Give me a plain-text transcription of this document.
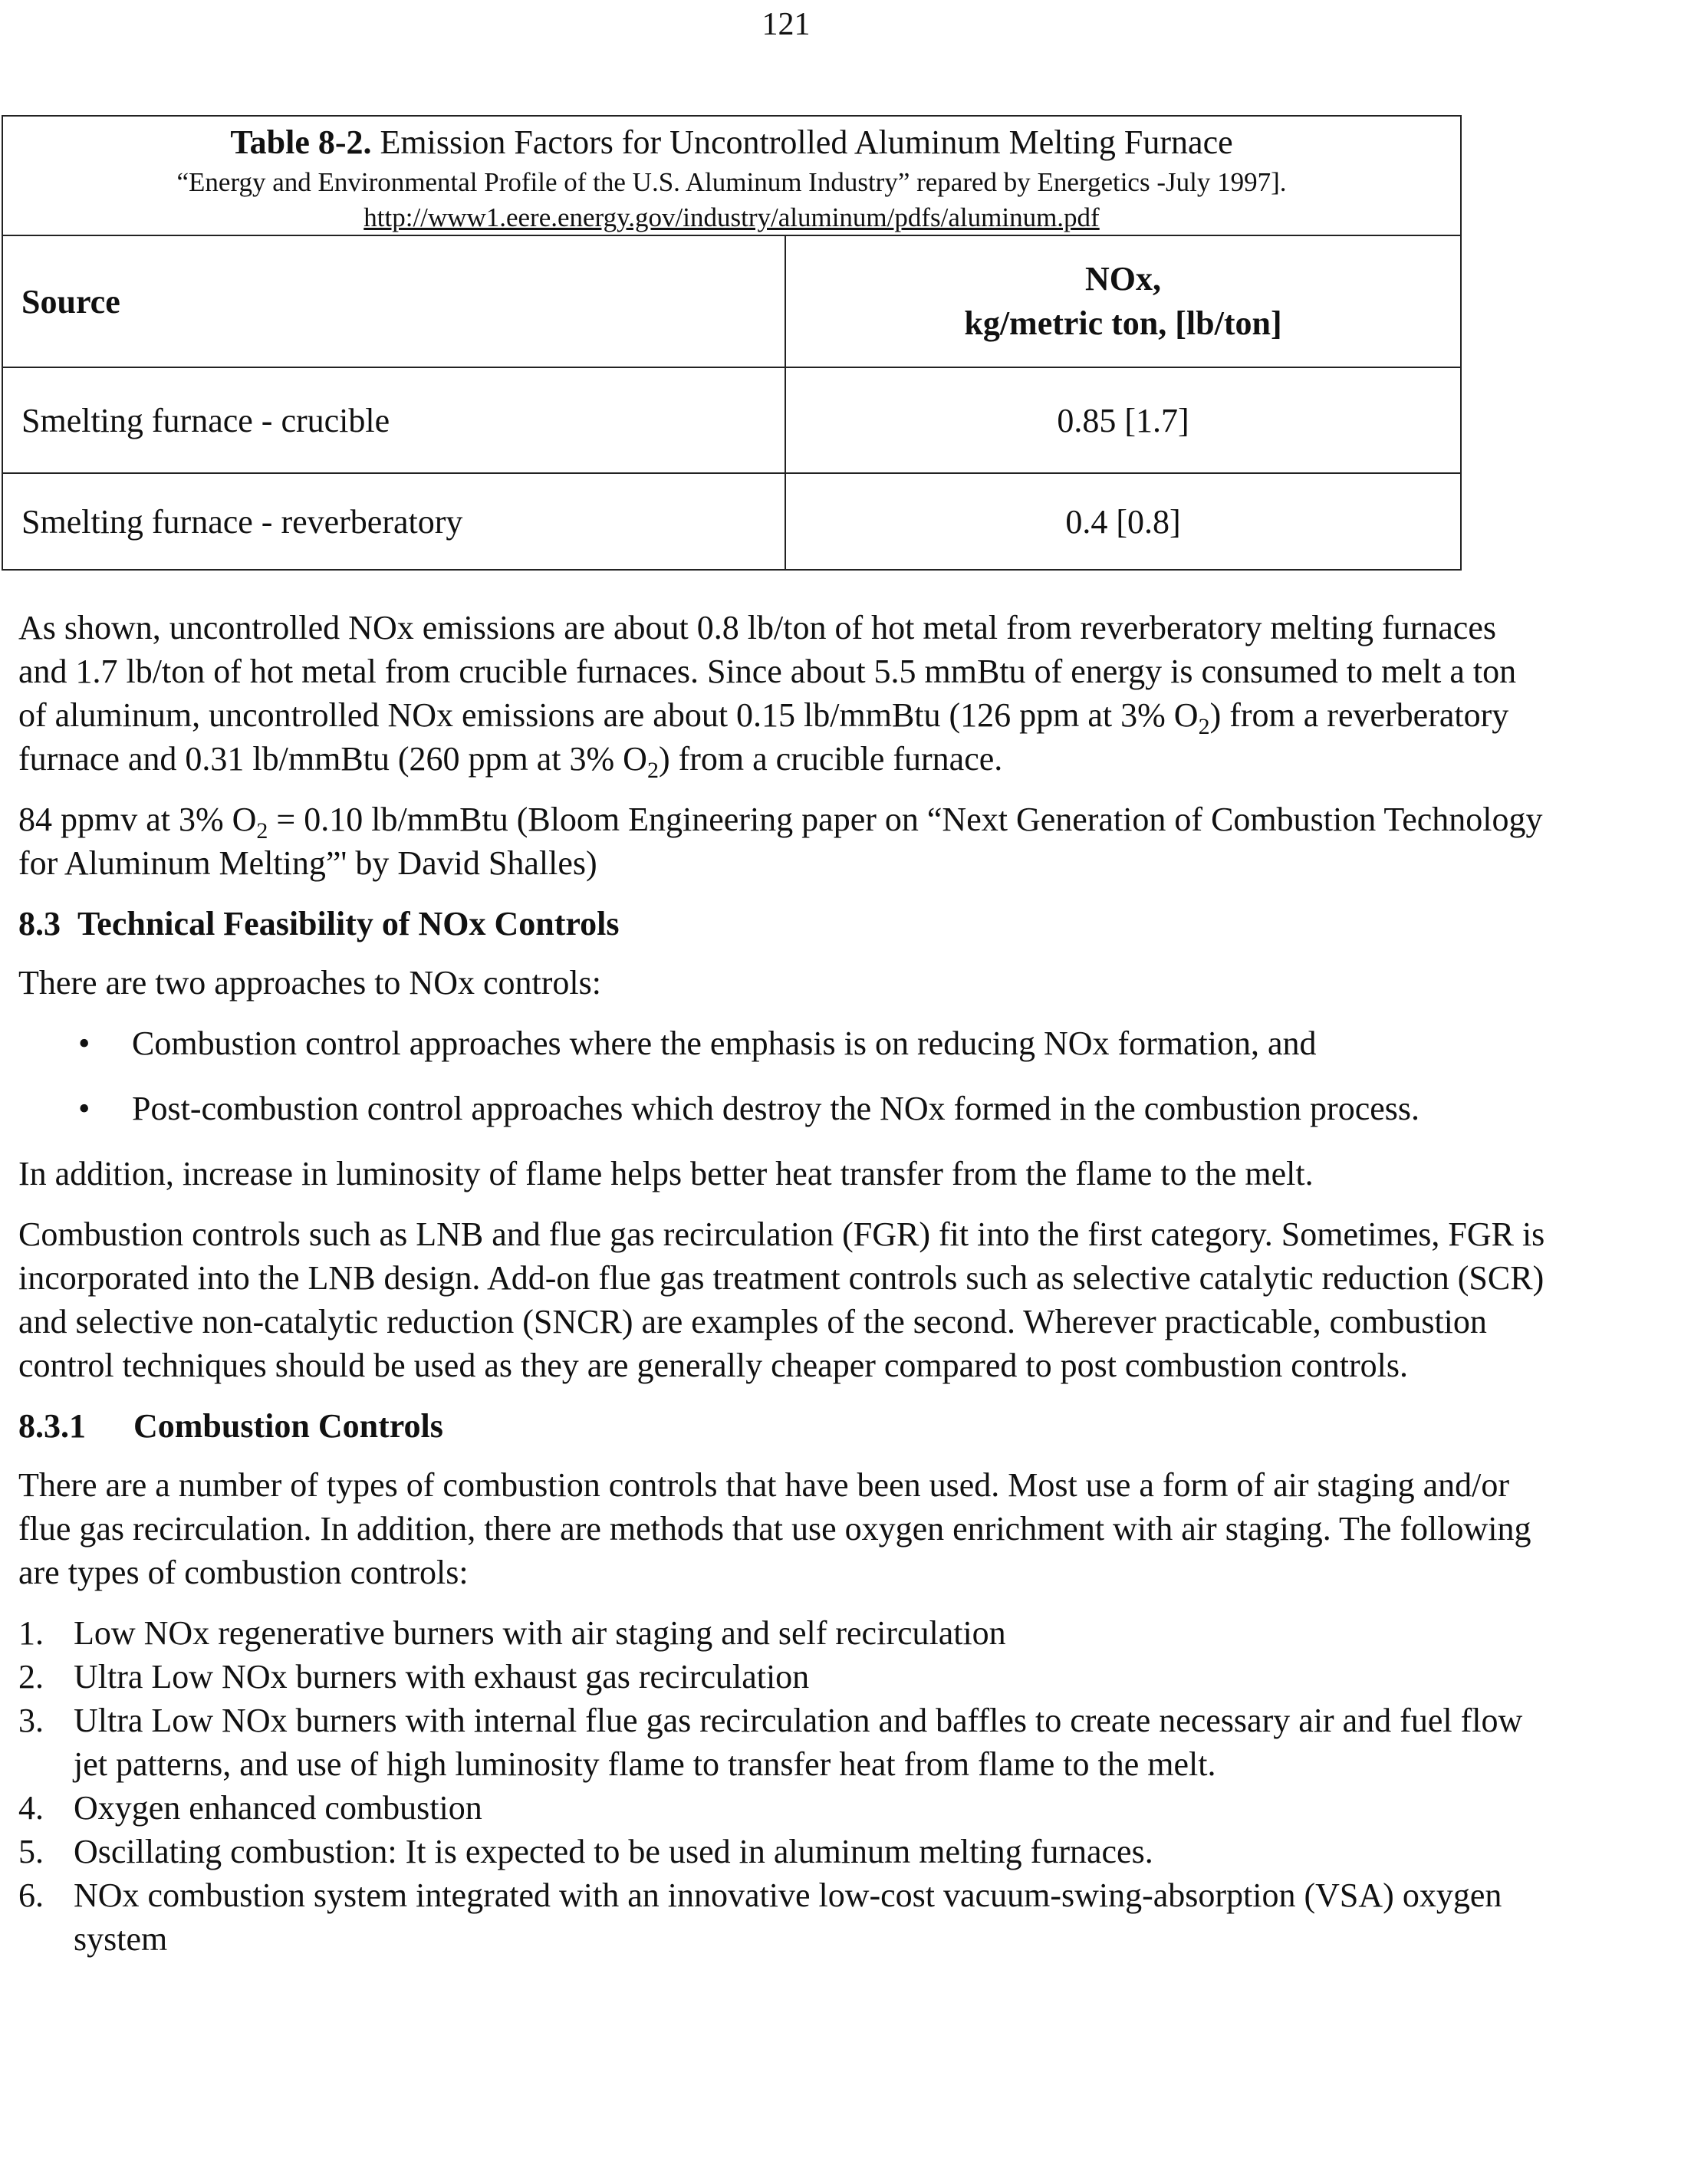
121
Table 8-2. Emission Factors for Uncontrolled Aluminum Melting Furnace
“Energy and Environmental Profile of the U.S. Aluminum Industry” repared by Energetics -July 1997].
http://www1.eere.energy.gov/industry/aluminum/pdfs/aluminum.pdf
Source
NOx,
kg/metric ton, [lb/ton]
Smelting furnace - crucible	0.85 [1.7]
Smelting furnace - reverberatory	0.4 [0.8]

As shown, uncontrolled NOx emissions are about 0.8 lb/ton of hot metal from reverberatory melting furnaces and 1.7 lb/ton of hot metal from crucible furnaces. Since about 5.5 mmBtu of energy is consumed to melt a ton of aluminum, uncontrolled NOx emissions are about 0.15 lb/mmBtu (126 ppm at 3% $O_2$) from a reverberatory furnace and 0.31 lb/mmBtu (260 ppm at 3% $O_2$) from a crucible furnace.

84 ppmv at 3% $O_2 = 0.10$ lb/mmBtu (Bloom Engineering paper on “Next Generation of Combustion Technology for Aluminum Melting”' by David Shalles)

8.3 Technical Feasibility of NOx Controls

There are two approaches to NOx controls:

• Combustion control approaches where the emphasis is on reducing NOx formation, and
• Post-combustion control approaches which destroy the NOx formed in the combustion process.

In addition, increase in luminosity of flame helps better heat transfer from the flame to the melt.

Combustion controls such as LNB and flue gas recirculation (FGR) fit into the first category. Sometimes, FGR is incorporated into the LNB design. Add-on flue gas treatment controls such as selective catalytic reduction (SCR) and selective non-catalytic reduction (SNCR) are examples of the second. Wherever practicable, combustion control techniques should be used as they are generally cheaper compared to post combustion controls.

8.3.1 Combustion Controls

There are a number of types of combustion controls that have been used. Most use a form of air staging and/or flue gas recirculation. In addition, there are methods that use oxygen enrichment with air staging. The following are types of combustion controls:

1. Low NOx regenerative burners with air staging and self recirculation
2. Ultra Low NOx burners with exhaust gas recirculation
3. Ultra Low NOx burners with internal flue gas recirculation and baffles to create necessary air and fuel flow jet patterns, and use of high luminosity flame to transfer heat from flame to the melt.
4. Oxygen enhanced combustion
5. Oscillating combustion: It is expected to be used in aluminum melting furnaces.
6. NOx combustion system integrated with an innovative low-cost vacuum-swing-absorption (VSA) oxygen system
